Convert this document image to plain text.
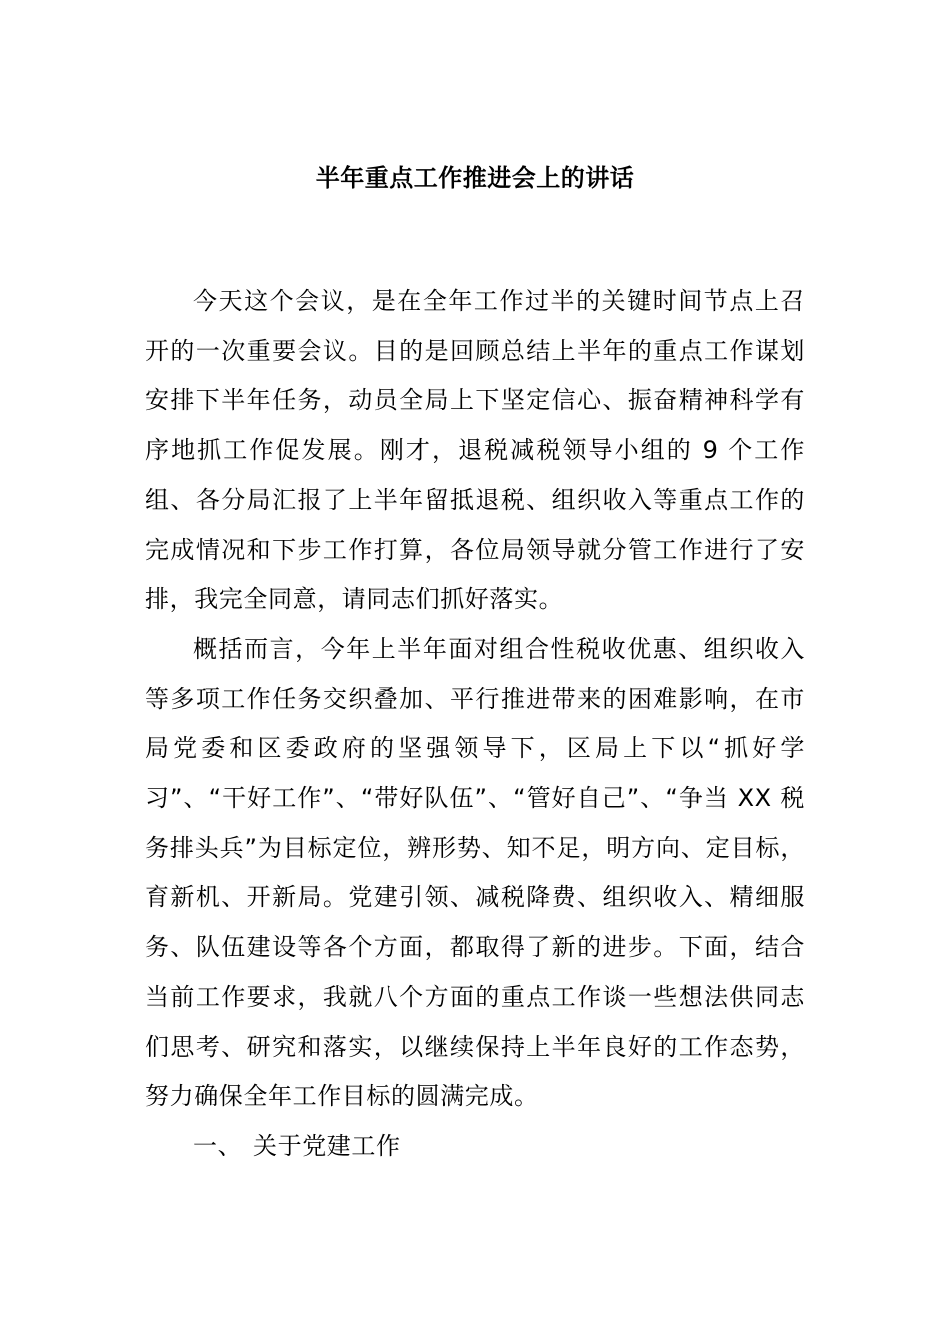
半年重点工作推进会上的讲话

今天这个会议，是在全年工作过半的关键时间节点上召开的一次重要会议。目的是回顾总结上半年的重点工作谋划安排下半年任务，动员全局上下坚定信心、振奋精神科学有序地抓工作促发展。刚才，退税减税领导小组的 9 个工作组、各分局汇报了上半年留抵退税、组织收入等重点工作的完成情况和下步工作打算，各位局领导就分管工作进行了安排，我完全同意，请同志们抓好落实。

概括而言，今年上半年面对组合性税收优惠、组织收入等多项工作任务交织叠加、平行推进带来的困难影响，在市局党委和区委政府的坚强领导下，区局上下以“抓好学习”、“干好工作”、“带好队伍”、“管好自己”、“争当 XX 税务排头兵”为目标定位，辨形势、知不足，明方向、定目标，育新机、开新局。党建引领、减税降费、组织收入、精细服务、队伍建设等各个方面，都取得了新的进步。下面，结合当前工作要求，我就八个方面的重点工作谈一些想法供同志们思考、研究和落实，以继续保持上半年良好的工作态势，努力确保全年工作目标的圆满完成。

一、 关于党建工作
